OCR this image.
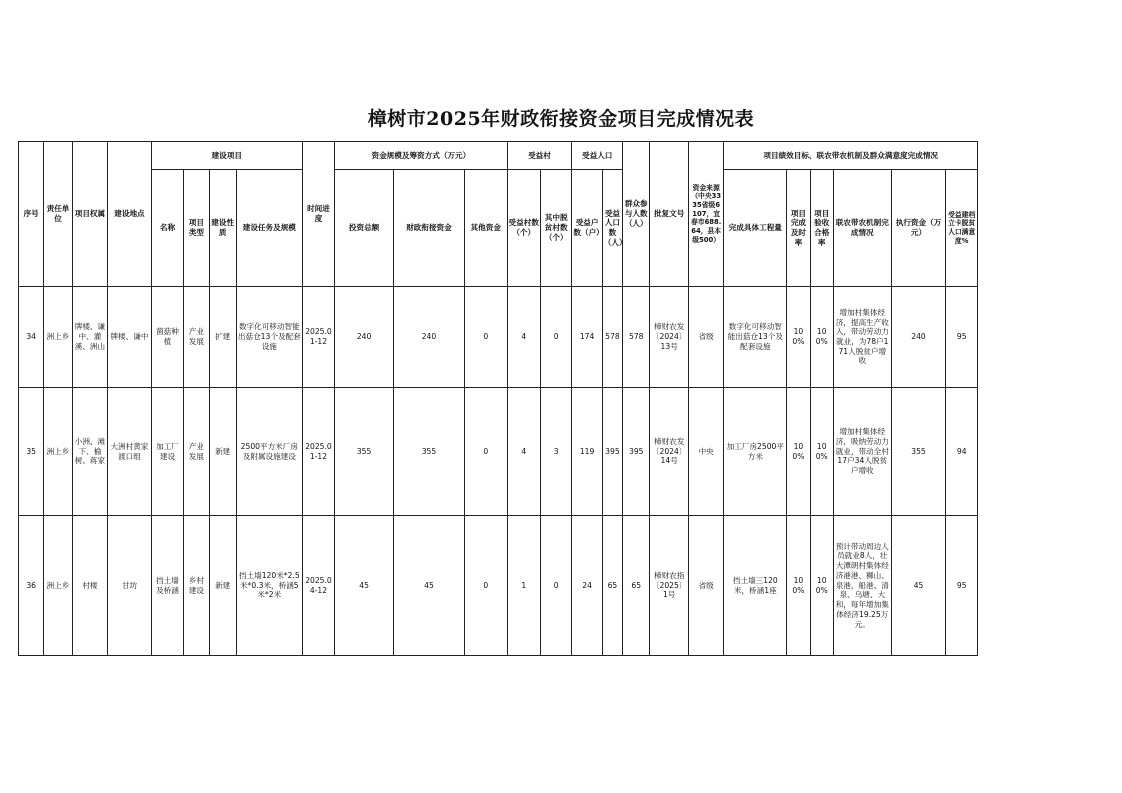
樟树市2025年财政衔接资金项目完成情况表
序号	责任单位	项目权属	建设地点	建设项目				时间进度	资金规模及筹资方式（万元）			受益村		受益人口		群众参与人数（人）	批复文号	资金来源（中央3335省级6107，宜春市688.64，县本级500）	项目绩效目标、联农带农机制及群众满意度完成情况					
				名称	项目类型	建设性质	建设任务及规模		投资总额	财政衔接资金	其他资金	受益村数（个）	其中脱贫村数（个）	受益户数（户）	受益人口数（人）				完成具体工程量	项目完成及时率	项目验收合格率	联农带农机制完成情况	执行资金（万元）	受益建档立卡脱贫人口满意度%
34	洲上乡	牌楼、谦中、灌溪、洲山	牌楼、谦中	菌菇种植	产业发展	扩建	数字化可移动智能出菇仓13个及配套设施	2025.01-12	240	240	0	4	0	174	578	578	樟财农发〔2024〕13号	省级	数字化可移动智能出菇仓13个及配套设施	100%	100%	增加村集体经济，提高生产收入，带动劳动力就业，为78户171人脱贫户增收	240	95
35	洲上乡	小洲、滩下、榆树、蒋家	大洲村黄家渡口组	加工厂建设	产业发展	新建	2500平方米厂房及附属设施建设	2025.01-12	355	355	0	4	3	119	395	395	樟财农发〔2024〕14号	中央	加工厂房2500平方米	100%	100%	增加村集体经济，吸纳劳动力就业，带动全村17户34人脱贫户增收	355	94
36	洲上乡	村楼	甘坊	挡土墙及桥涵	乡村建设	新建	挡土墙120米*2.5米*0.3米，桥涵5米*2米	2025.04-12	45	45	0	1	0	24	65	65	樟财农指〔2025〕1号	省级	挡土墙三120米，桥涵1座	100%	100%	预计带动周边人员就业8人，壮大潭朗村集体经济港港、狮山、泉港、船港、清泉、乌塘、大和，每年增加集体经济19.25万元。	45	95
